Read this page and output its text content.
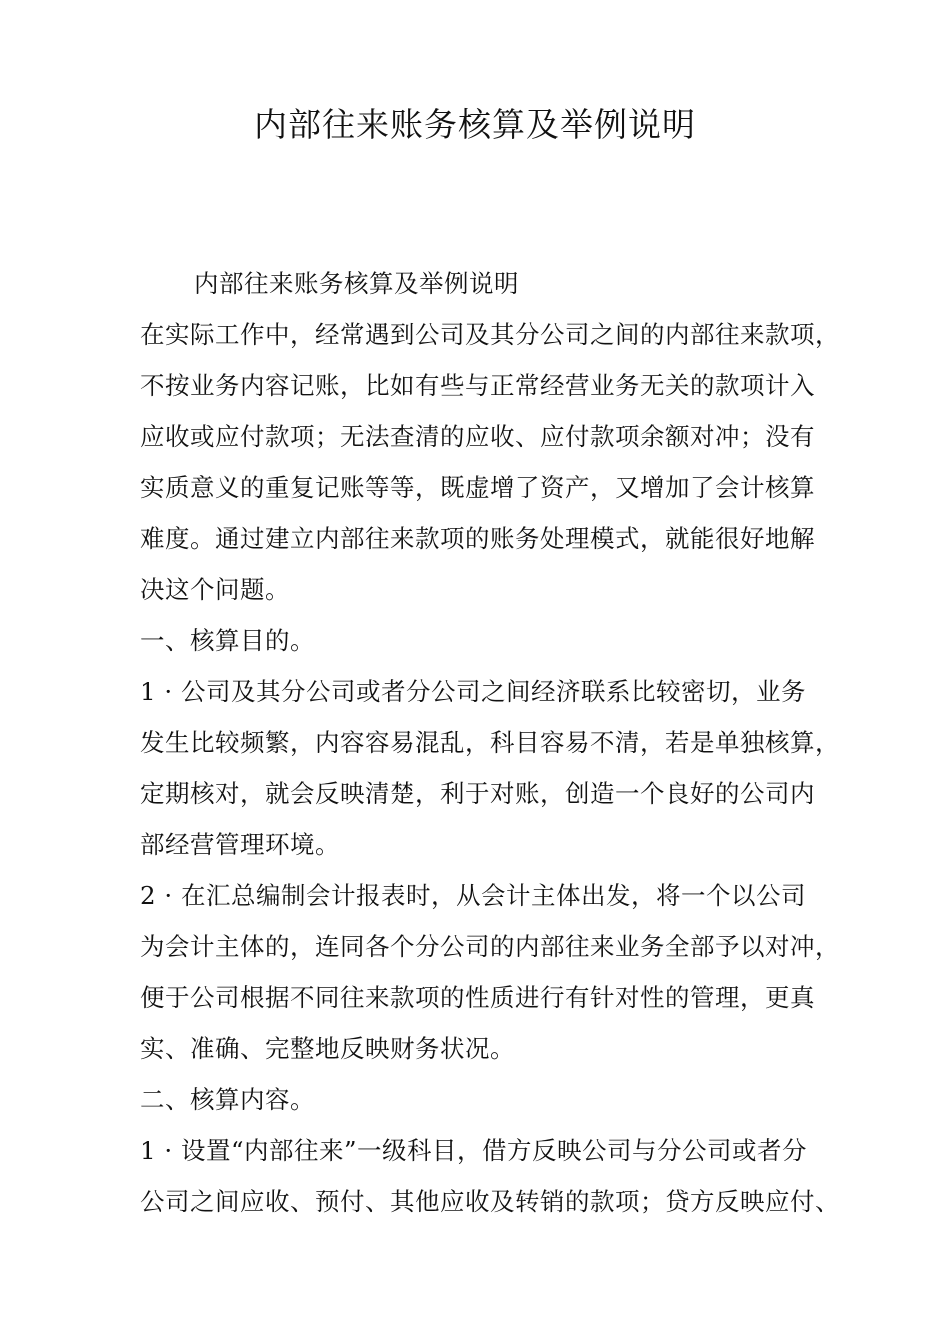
内部往来账务核算及举例说明

内部往来账务核算及举例说明

在实际工作中，经常遇到公司及其分公司之间的内部往来款项，

不按业务内容记账，比如有些与正常经营业务无关的款项计入

应收或应付款项；无法查清的应收、应付款项余额对冲；没有

实质意义的重复记账等等，既虚增了资产，又增加了会计核算

难度。通过建立内部往来款项的账务处理模式，就能很好地解

决这个问题。

一、核算目的。

1 · 公司及其分公司或者分公司之间经济联系比较密切，业务

发生比较频繁，内容容易混乱，科目容易不清，若是单独核算，

定期核对，就会反映清楚，利于对账，创造一个良好的公司内

部经营管理环境。

2 · 在汇总编制会计报表时，从会计主体出发，将一个以公司

为会计主体的，连同各个分公司的内部往来业务全部予以对冲，

便于公司根据不同往来款项的性质进行有针对性的管理，更真

实、准确、完整地反映财务状况。

二、核算内容。

1 · 设置“内部往来”一级科目，借方反映公司与分公司或者分

公司之间应收、预付、其他应收及转销的款项；贷方反映应付、
